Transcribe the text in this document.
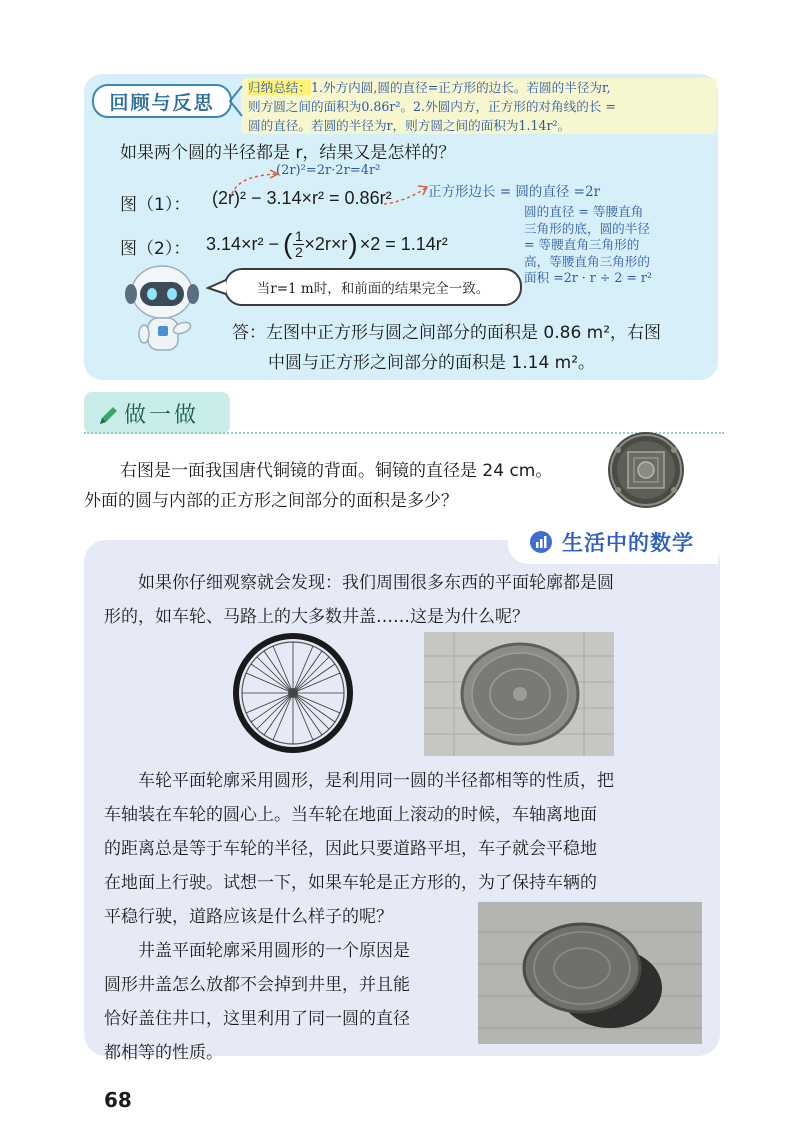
回顾与反思
归纳总结：1.外方内圆,圆的直径=正方形的边长。若圆的半径为r,
则方圆之间的面积为0.86r²。2.外圆内方，正方形的对角线的长 =
圆的直径。若圆的半径为r，则方圆之间的面积为1.14r²。
如果两个圆的半径都是 r，结果又是怎样的？
(2r)²=2r·2r=4r²
图（1）： (2r)² − 3.14×r² = 0.86r²	正方形边长 = 圆的直径 =2r
图（2）： 3.14×r² − ( 1
2 ×2r×r ) ×2 = 1.14r²
圆的直径 = 等腰直角
三角形的底，圆的半径
= 等腰直角三角形的
高，等腰直角三角形的
面积 =2r · r ÷ 2 = r²
当r=1 m时，和前面的结果完全一致。
答：左图中正方形与圆之间部分的面积是 0.86 m²，右图
中圆与正方形之间部分的面积是 1.14 m²。
做一做
右图是一面我国唐代铜镜的背面。铜镜的直径是 24 cm。
外面的圆与内部的正方形之间部分的面积是多少？
生活中的数学
如果你仔细观察就会发现：我们周围很多东西的平面轮廓都是圆
形的，如车轮、马路上的大多数井盖……这是为什么呢？
车轮平面轮廓采用圆形，是利用同一圆的半径都相等的性质，把
车轴装在车轮的圆心上。当车轮在地面上滚动的时候，车轴离地面
的距离总是等于车轮的半径，因此只要道路平坦，车子就会平稳地
在地面上行驶。试想一下，如果车轮是正方形的，为了保持车辆的
平稳行驶，道路应该是什么样子的呢？
井盖平面轮廓采用圆形的一个原因是
圆形井盖怎么放都不会掉到井里，并且能
恰好盖住井口，这里利用了同一圆的直径
都相等的性质。
68
